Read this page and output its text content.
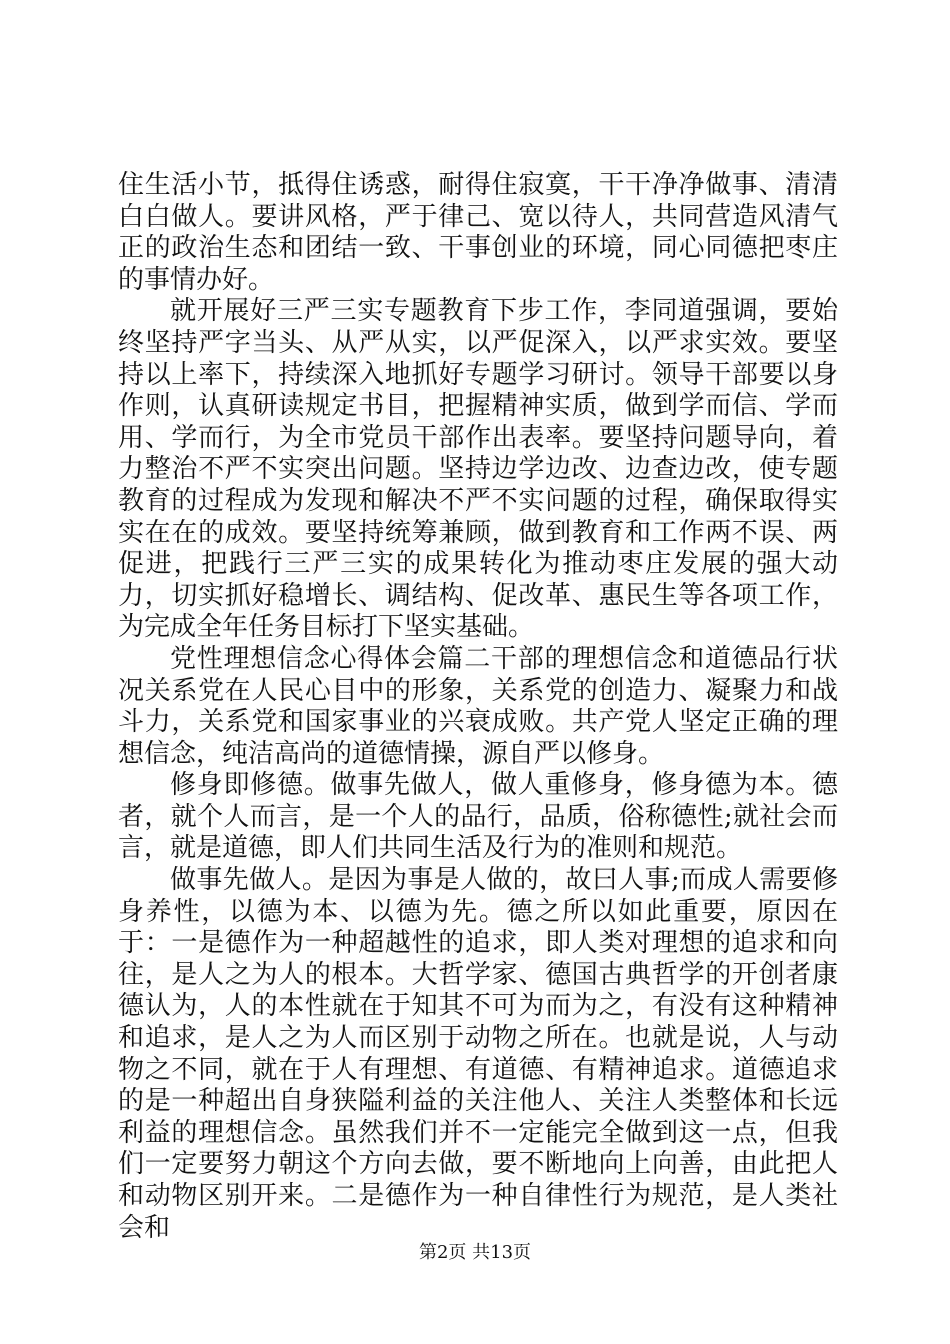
住生活小节，抵得住诱惑，耐得住寂寞，干干净净做事、清清白白做人。要讲风格，严于律己、宽以待人，共同营造风清气正的政治生态和团结一致、干事创业的环境，同心同德把枣庄的事情办好。

就开展好三严三实专题教育下步工作，李同道强调，要始终坚持严字当头、从严从实，以严促深入，以严求实效。要坚持以上率下，持续深入地抓好专题学习研讨。领导干部要以身作则，认真研读规定书目，把握精神实质，做到学而信、学而用、学而行，为全市党员干部作出表率。要坚持问题导向，着力整治不严不实突出问题。坚持边学边改、边查边改，使专题教育的过程成为发现和解决不严不实问题的过程，确保取得实实在在的成效。要坚持统筹兼顾，做到教育和工作两不误、两促进，把践行三严三实的成果转化为推动枣庄发展的强大动力，切实抓好稳增长、调结构、促改革、惠民生等各项工作，为完成全年任务目标打下坚实基础。

党性理想信念心得体会篇二干部的理想信念和道德品行状况关系党在人民心目中的形象，关系党的创造力、凝聚力和战斗力，关系党和国家事业的兴衰成败。共产党人坚定正确的理想信念，纯洁高尚的道德情操，源自严以修身。

修身即修德。做事先做人，做人重修身，修身德为本。德者，就个人而言，是一个人的品行，品质，俗称德性;就社会而言，就是道德，即人们共同生活及行为的准则和规范。

做事先做人。是因为事是人做的，故曰人事;而成人需要修身养性，以德为本、以德为先。德之所以如此重要，原因在于：一是德作为一种超越性的追求，即人类对理想的追求和向往，是人之为人的根本。大哲学家、德国古典哲学的开创者康德认为，人的本性就在于知其不可为而为之，有没有这种精神和追求，是人之为人而区别于动物之所在。也就是说，人与动物之不同，就在于人有理想、有道德、有精神追求。道德追求的是一种超出自身狭隘利益的关注他人、关注人类整体和长远利益的理想信念。虽然我们并不一定能完全做到这一点，但我们一定要努力朝这个方向去做，要不断地向上向善，由此把人和动物区别开来。二是德作为一种自律性行为规范，是人类社会和

第2页 共13页
